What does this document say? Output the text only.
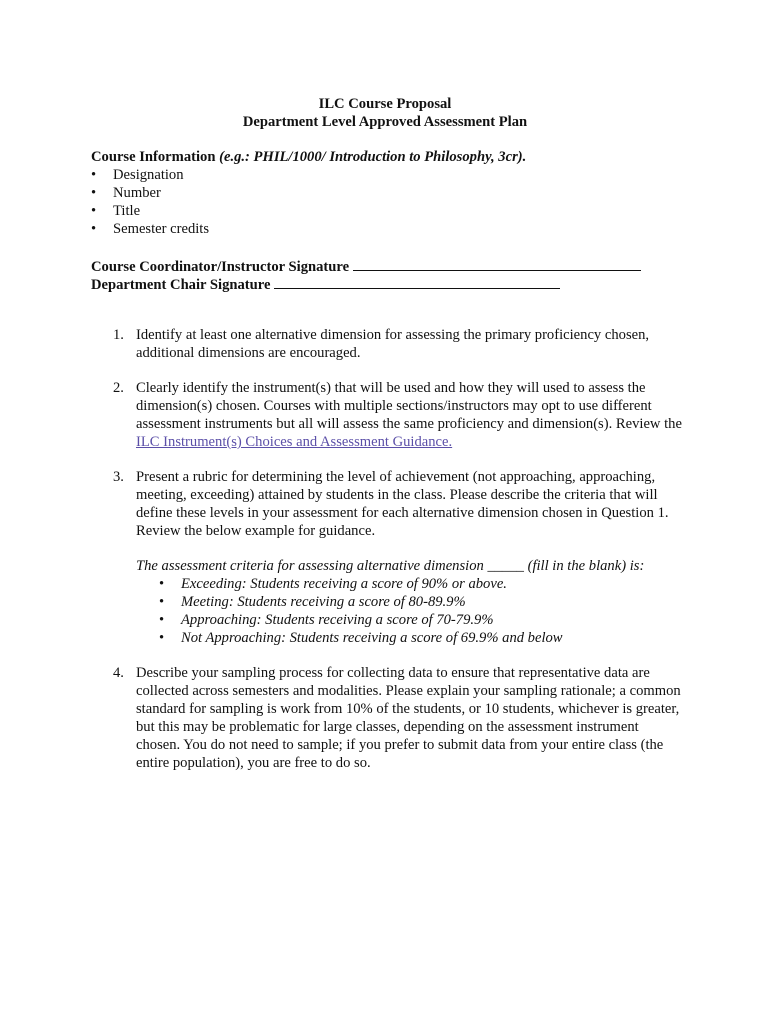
ILC Course Proposal
Department Level Approved Assessment Plan
Course Information (e.g.: PHIL/1000/ Introduction to Philosophy, 3cr).
• Designation
• Number
• Title
• Semester credits
Course Coordinator/Instructor Signature
Department Chair Signature
1. Identify at least one alternative dimension for assessing the primary proficiency chosen, additional dimensions are encouraged.

2. Clearly identify the instrument(s) that will be used and how they will used to assess the dimension(s) chosen. Courses with multiple sections/instructors may opt to use different assessment instruments but all will assess the same proficiency and dimension(s). Review the ILC Instrument(s) Choices and Assessment Guidance.

3. Present a rubric for determining the level of achievement (not approaching, approaching, meeting, exceeding) attained by students in the class. Please describe the criteria that will define these levels in your assessment for each alternative dimension chosen in Question 1. Review the below example for guidance.

The assessment criteria for assessing alternative dimension _____ (fill in the blank) is:
• Exceeding: Students receiving a score of 90% or above.
• Meeting: Students receiving a score of 80-89.9%
• Approaching: Students receiving a score of 70-79.9%
• Not Approaching: Students receiving a score of 69.9% and below
4. Describe your sampling process for collecting data to ensure that representative data are collected across semesters and modalities. Please explain your sampling rationale; a common standard for sampling is work from 10% of the students, or 10 students, whichever is greater, but this may be problematic for large classes, depending on the assessment instrument chosen. You do not need to sample; if you prefer to submit data from your entire class (the entire population), you are free to do so.
